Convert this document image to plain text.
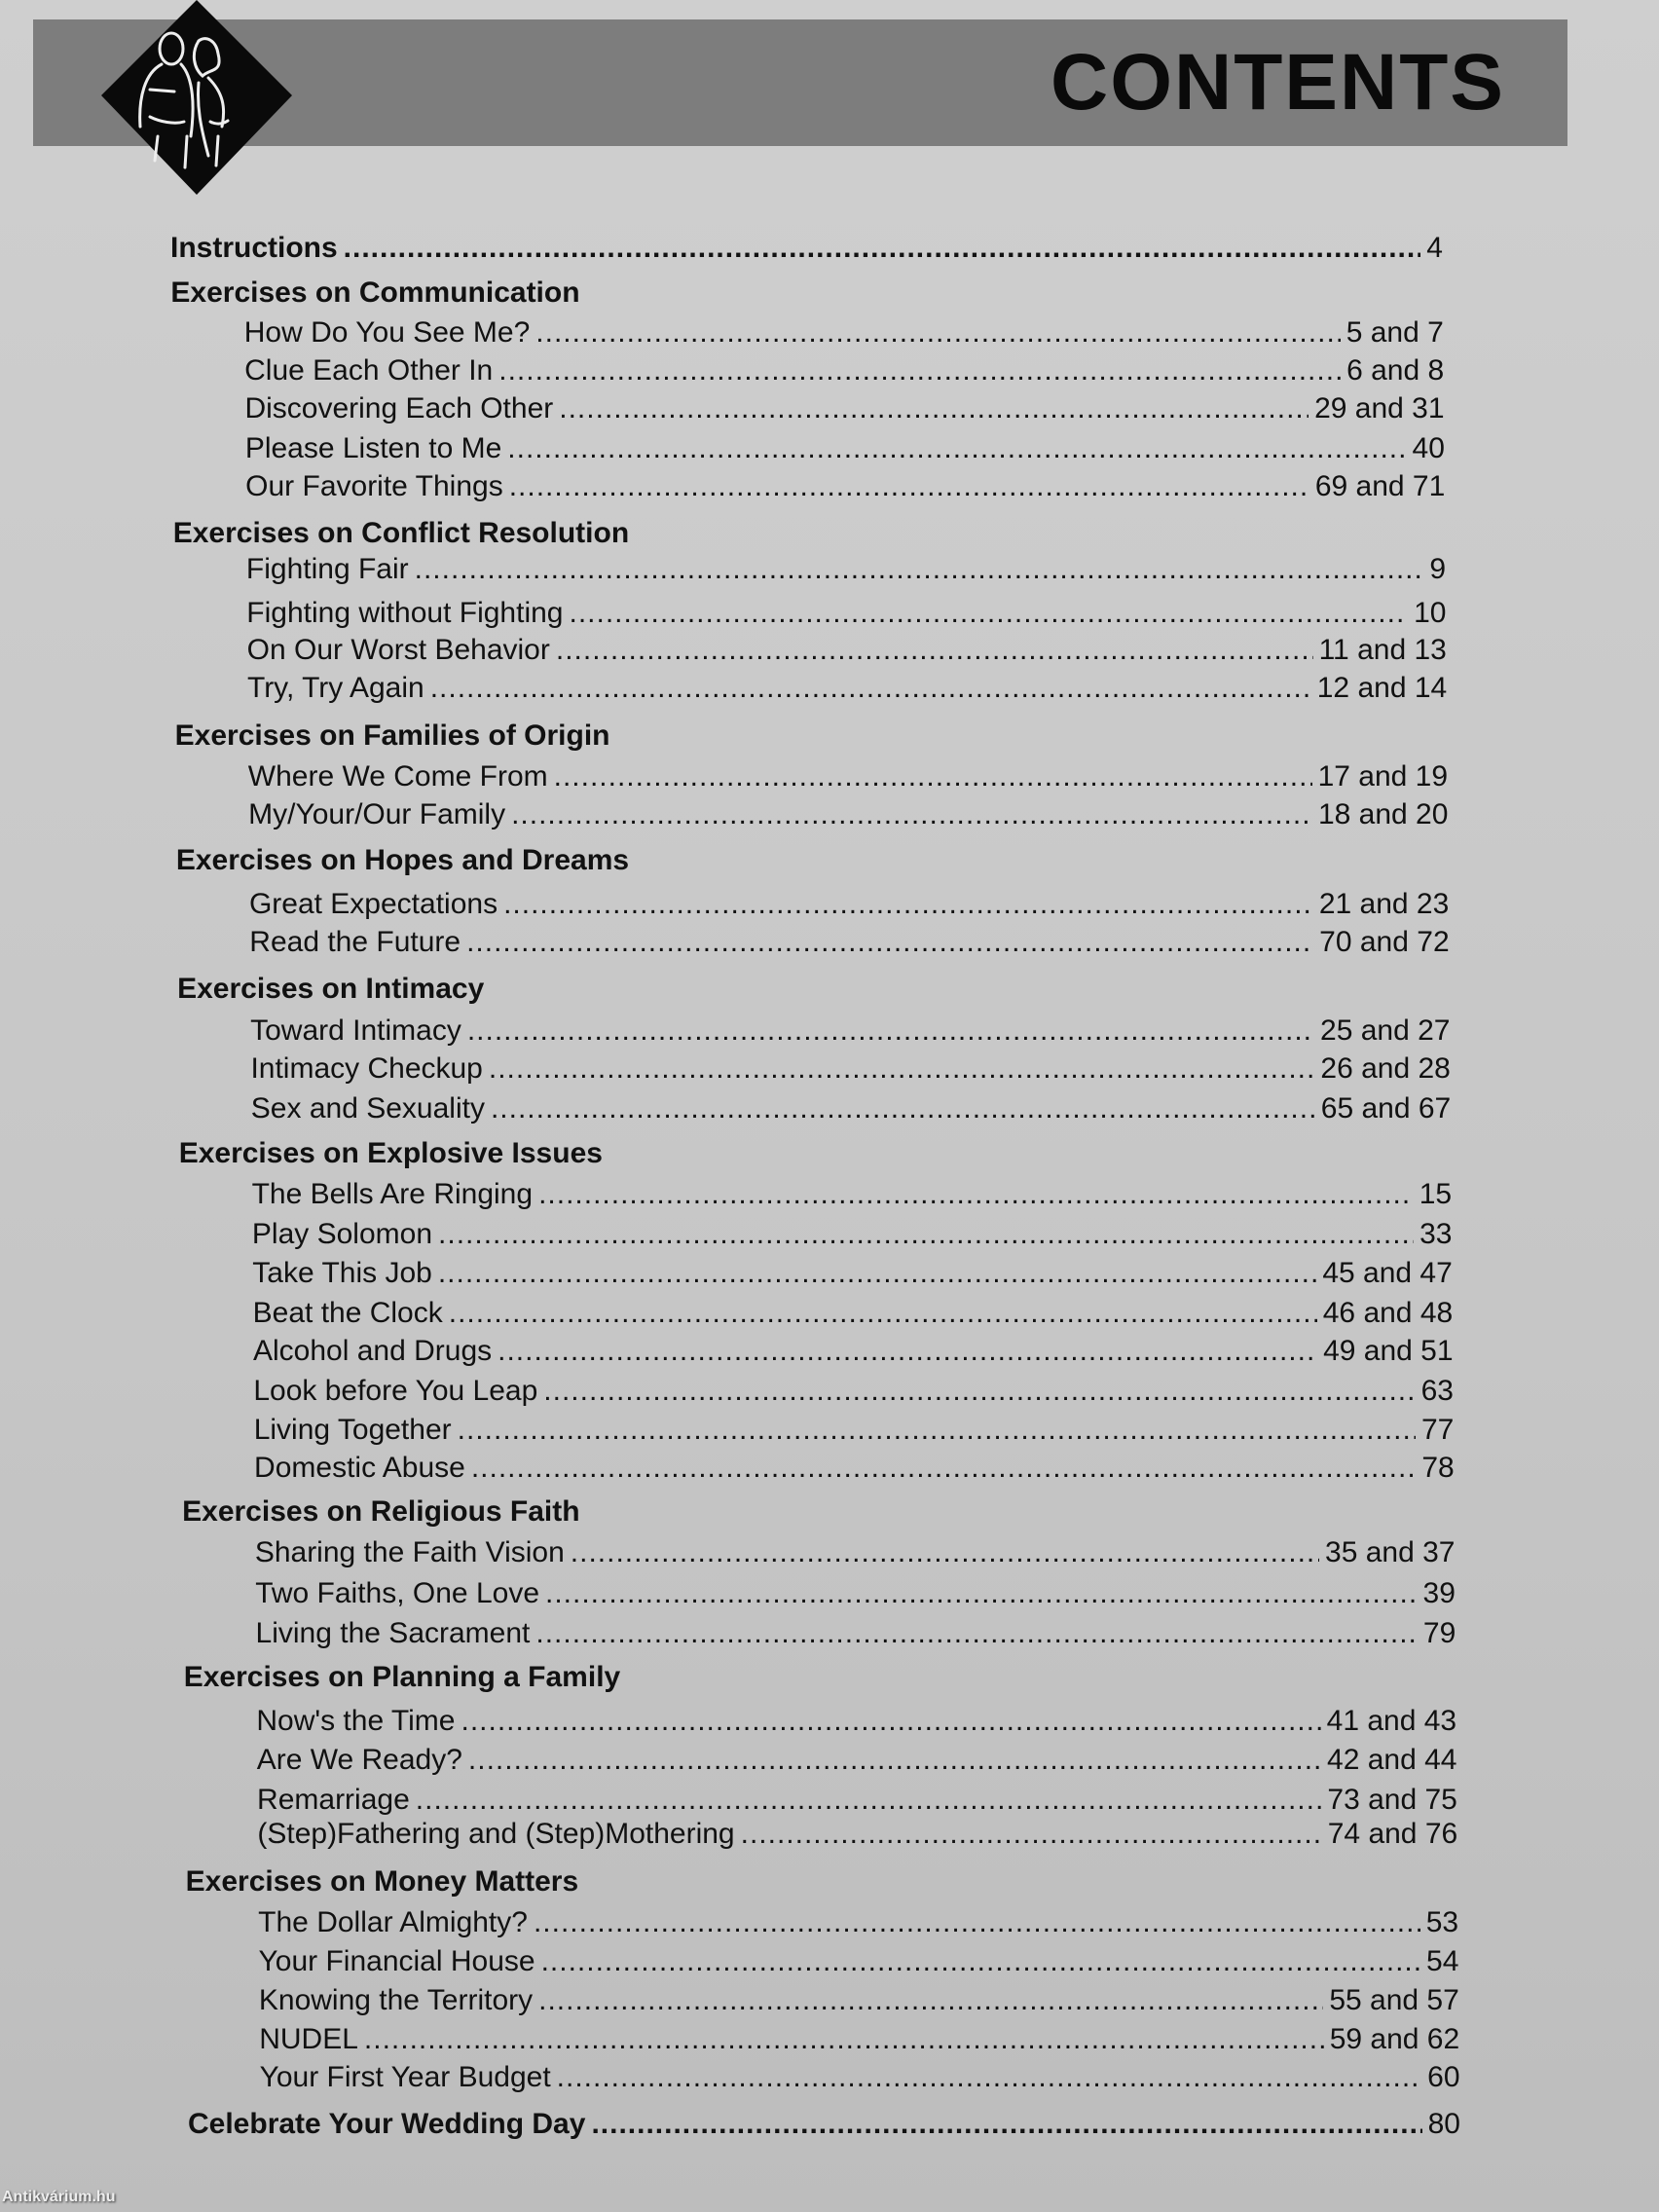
CONTENTS
Instructions .....	4
Exercises on Communication
How Do You See Me? .....	5 and 7
Clue Each Other In .....	6 and 8
Discovering Each Other .....	29 and 31
Please Listen to Me .....	40
Our Favorite Things .....	69 and 71
Exercises on Conflict Resolution
Fighting Fair .....	9
Fighting without Fighting .....	10
On Our Worst Behavior .....	11 and 13
Try, Try Again .....	12 and 14
Exercises on Families of Origin
Where We Come From .....	17 and 19
My/Your/Our Family .....	18 and 20
Exercises on Hopes and Dreams
Great Expectations .....	21 and 23
Read the Future .....	70 and 72
Exercises on Intimacy
Toward Intimacy .....	25 and 27
Intimacy Checkup .....	26 and 28
Sex and Sexuality .....	65 and 67
Exercises on Explosive Issues
The Bells Are Ringing .....	15
Play Solomon .....	33
Take This Job .....	45 and 47
Beat the Clock .....	46 and 48
Alcohol and Drugs .....	49 and 51
Look before You Leap .....	63
Living Together .....	77
Domestic Abuse .....	78
Exercises on Religious Faith
Sharing the Faith Vision .....	35 and 37
Two Faiths, One Love .....	39
Living the Sacrament .....	79
Exercises on Planning a Family
Now's the Time .....	41 and 43
Are We Ready? .....	42 and 44
Remarriage .....	73 and 75
(Step)Fathering and (Step)Mothering .....	74 and 76
Exercises on Money Matters
The Dollar Almighty? .....	53
Your Financial House .....	54
Knowing the Territory .....	55 and 57
NUDEL .....	59 and 62
Your First Year Budget .....	60
Celebrate Your Wedding Day .....	80
Antikvárium.hu
